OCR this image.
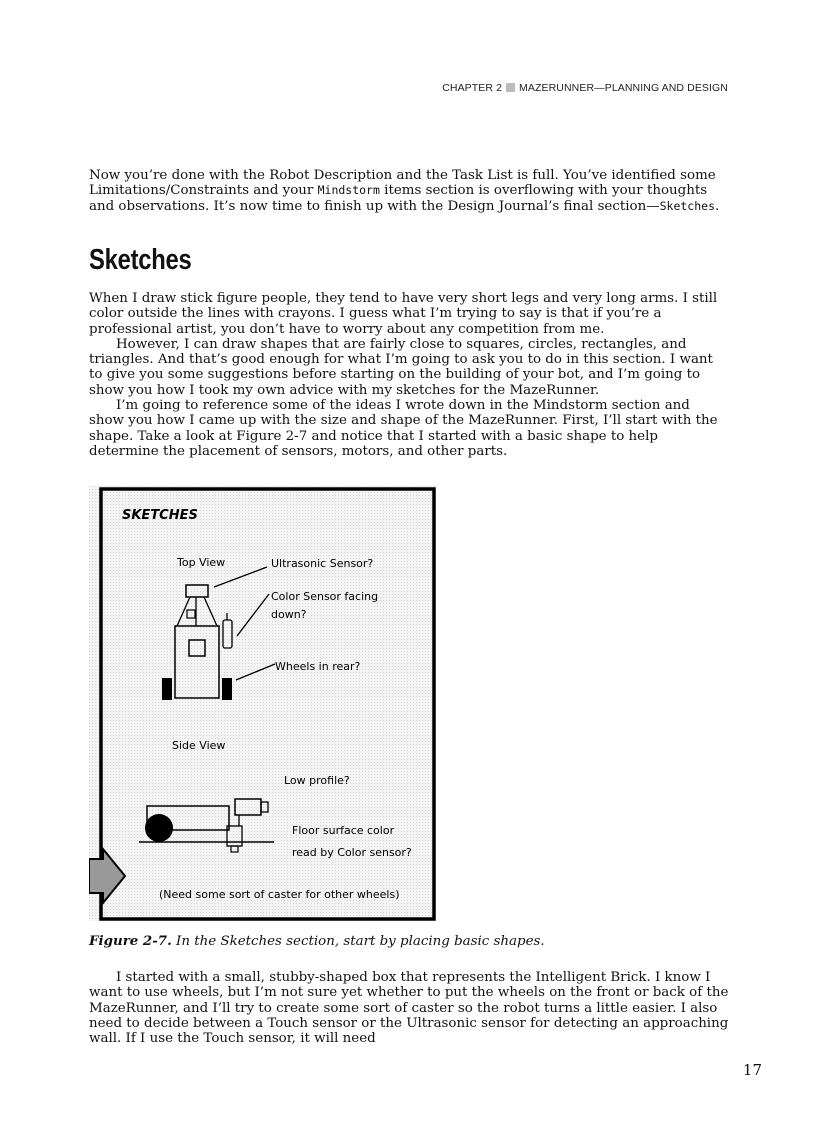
CHAPTER 2 MAZERUNNER—PLANNING AND DESIGN

Now you’re done with the Robot Description and the Task List is full. You’ve identified some Limitations/Constraints and your Mindstorm items section is overflowing with your thoughts and observations. It’s now time to finish up with the Design Journal’s final section—Sketches.

Sketches

When I draw stick figure people, they tend to have very short legs and very long arms. I still color outside the lines with crayons. I guess what I’m trying to say is that if you’re a professional artist, you don’t have to worry about any competition from me.

However, I can draw shapes that are fairly close to squares, circles, rectangles, and triangles. And that’s good enough for what I’m going to ask you to do in this section. I want to give you some suggestions before starting on the building of your bot, and I’m going to show you how I took my own advice with my sketches for the MazeRunner.

I’m going to reference some of the ideas I wrote down in the Mindstorm section and show you how I came up with the size and shape of the MazeRunner. First, I’ll start with the shape. Take a look at Figure 2-7 and notice that I started with a basic shape to help determine the placement of sensors, motors, and other parts.

SKETCHES
Top View	Ultrasonic Sensor?
Color Sensor facing
down?
Wheels in rear?
Side View
Low profile?
Floor surface color
read by Color sensor?
(Need some sort of caster for other wheels)
Figure 2-7. In the Sketches section, start by placing basic shapes.

I started with a small, stubby-shaped box that represents the Intelligent Brick. I know I want to use wheels, but I’m not sure yet whether to put the wheels on the front or back of the MazeRunner, and I’ll try to create some sort of caster so the robot turns a little easier. I also need to decide between a Touch sensor or the Ultrasonic sensor for detecting an approaching wall. If I use the Touch sensor, it will need

17
